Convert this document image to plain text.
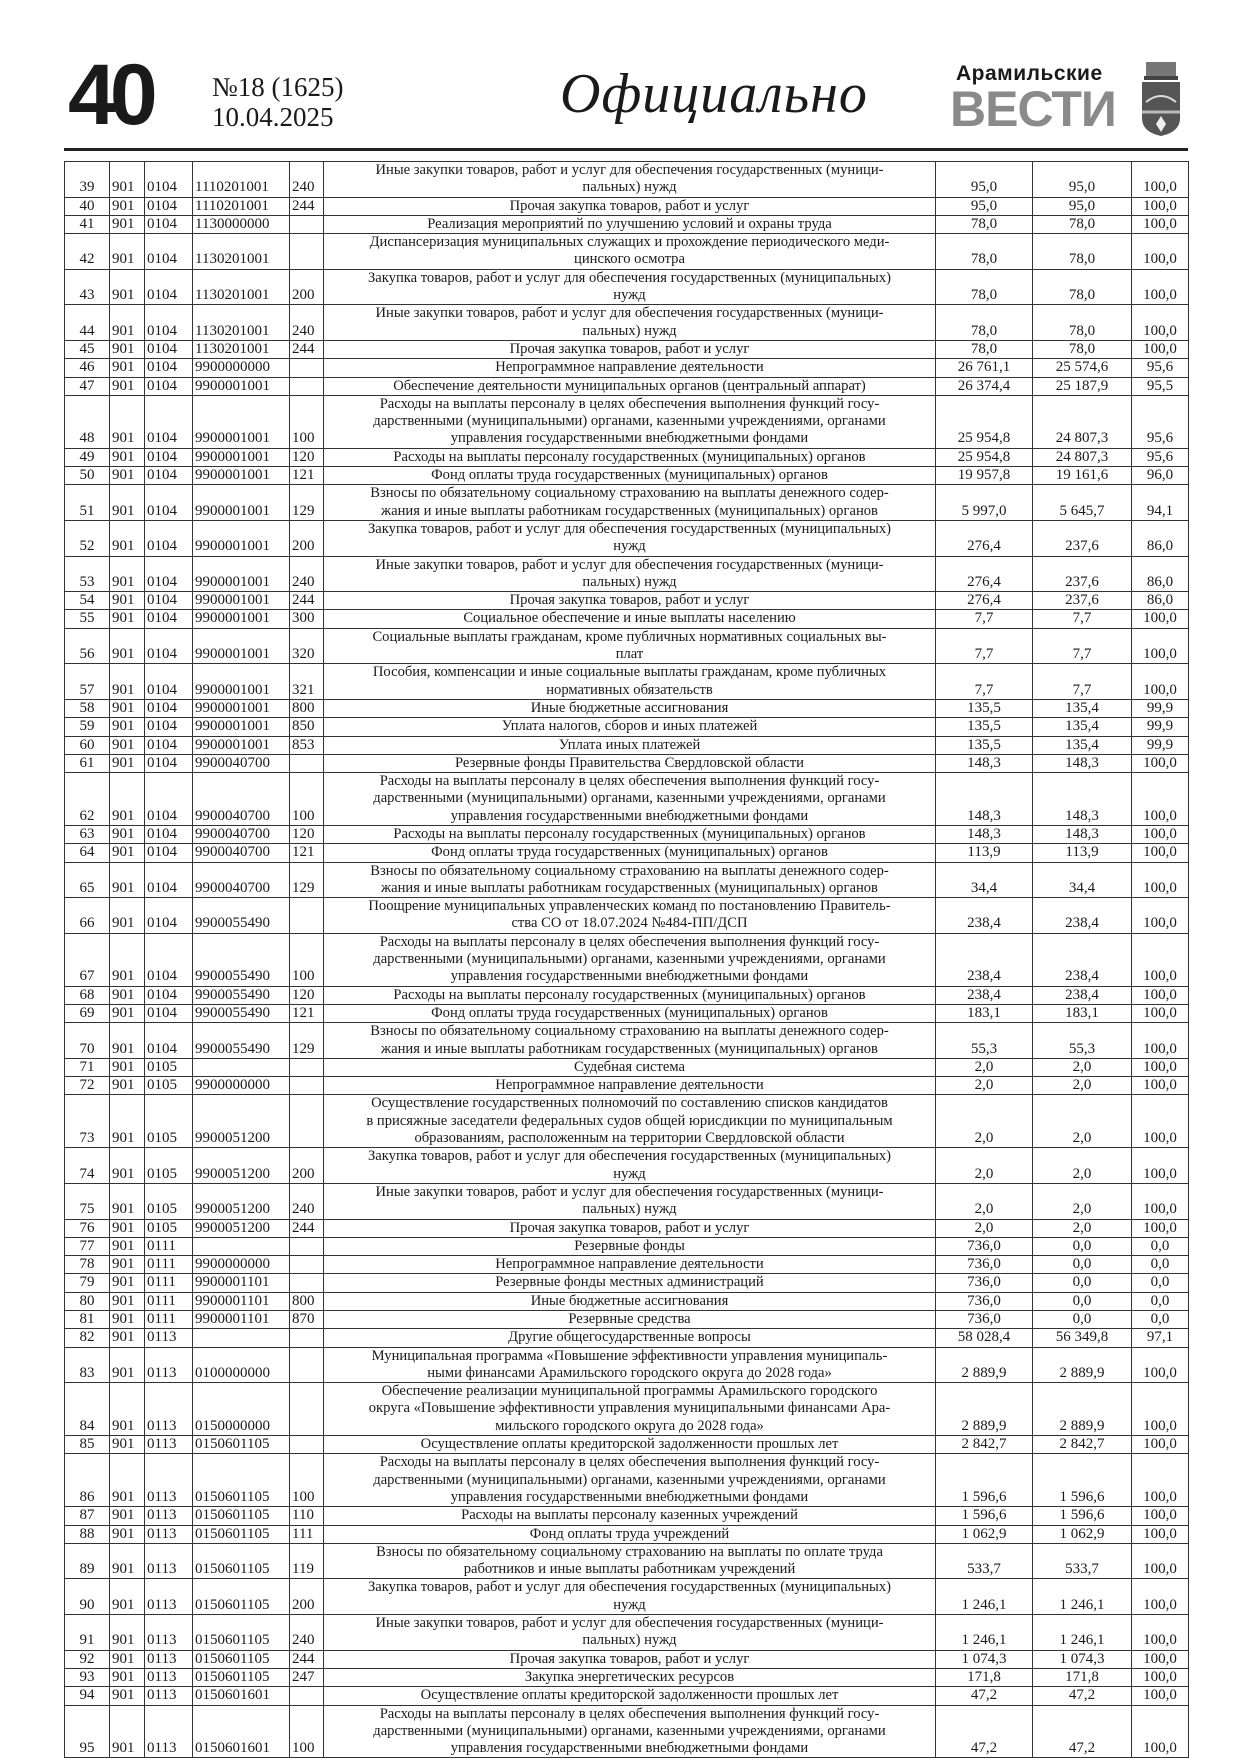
40 №18 (1625)
10.04.2025	Официально	Арамильские
ВЕСТИ
39	901	0104	1110201001	240	Иные закупки товаров, работ и услуг для обеспечения государственных (муници-
пальных) нужд	95,0	95,0	100,0
40	901	0104	1110201001	244	Прочая закупка товаров, работ и услуг	95,0	95,0	100,0
41	901	0104	1130000000		Реализация мероприятий по улучшению условий и охраны труда	78,0	78,0	100,0
42	901	0104	1130201001		Диспансеризация муниципальных служащих и прохождение периодического меди-
цинского осмотра	78,0	78,0	100,0
43	901	0104	1130201001	200	Закупка товаров, работ и услуг для обеспечения государственных (муниципальных)
нужд	78,0	78,0	100,0
44	901	0104	1130201001	240	Иные закупки товаров, работ и услуг для обеспечения государственных (муници-
пальных) нужд	78,0	78,0	100,0
45	901	0104	1130201001	244	Прочая закупка товаров, работ и услуг	78,0	78,0	100,0
46	901	0104	9900000000		Непрограммное направление деятельности	26 761,1	25 574,6	95,6
47	901	0104	9900001001		Обеспечение деятельности муниципальных органов (центральный аппарат)	26 374,4	25 187,9	95,5
48	901	0104	9900001001	100	Расходы на выплаты персоналу в целях обеспечения выполнения функций госу-
дарственными (муниципальными) органами, казенными учреждениями, органами
управления государственными внебюджетными фондами	25 954,8	24 807,3	95,6
49	901	0104	9900001001	120	Расходы на выплаты персоналу государственных (муниципальных) органов	25 954,8	24 807,3	95,6
50	901	0104	9900001001	121	Фонд оплаты труда государственных (муниципальных) органов	19 957,8	19 161,6	96,0
51	901	0104	9900001001	129	Взносы по обязательному социальному страхованию на выплаты денежного содер-
жания и иные выплаты работникам государственных (муниципальных) органов	5 997,0	5 645,7	94,1
52	901	0104	9900001001	200	Закупка товаров, работ и услуг для обеспечения государственных (муниципальных)
нужд	276,4	237,6	86,0
53	901	0104	9900001001	240	Иные закупки товаров, работ и услуг для обеспечения государственных (муници-
пальных) нужд	276,4	237,6	86,0
54	901	0104	9900001001	244	Прочая закупка товаров, работ и услуг	276,4	237,6	86,0
55	901	0104	9900001001	300	Социальное обеспечение и иные выплаты населению	7,7	7,7	100,0
56	901	0104	9900001001	320	Социальные выплаты гражданам, кроме публичных нормативных социальных вы-
плат	7,7	7,7	100,0
57	901	0104	9900001001	321	Пособия, компенсации и иные социальные выплаты гражданам, кроме публичных
нормативных обязательств	7,7	7,7	100,0
58	901	0104	9900001001	800	Иные бюджетные ассигнования	135,5	135,4	99,9
59	901	0104	9900001001	850	Уплата налогов, сборов и иных платежей	135,5	135,4	99,9
60	901	0104	9900001001	853	Уплата иных платежей	135,5	135,4	99,9
61	901	0104	9900040700		Резервные фонды Правительства Свердловской области	148,3	148,3	100,0
62	901	0104	9900040700	100	Расходы на выплаты персоналу в целях обеспечения выполнения функций госу-
дарственными (муниципальными) органами, казенными учреждениями, органами
управления государственными внебюджетными фондами	148,3	148,3	100,0
63	901	0104	9900040700	120	Расходы на выплаты персоналу государственных (муниципальных) органов	148,3	148,3	100,0
64	901	0104	9900040700	121	Фонд оплаты труда государственных (муниципальных) органов	113,9	113,9	100,0
65	901	0104	9900040700	129	Взносы по обязательному социальному страхованию на выплаты денежного содер-
жания и иные выплаты работникам государственных (муниципальных) органов	34,4	34,4	100,0
66	901	0104	9900055490		Поощрение муниципальных управленческих команд по постановлению Правитель-
ства СО от 18.07.2024 №484-ПП/ДСП	238,4	238,4	100,0
67	901	0104	9900055490	100	Расходы на выплаты персоналу в целях обеспечения выполнения функций госу-
дарственными (муниципальными) органами, казенными учреждениями, органами
управления государственными внебюджетными фондами	238,4	238,4	100,0
68	901	0104	9900055490	120	Расходы на выплаты персоналу государственных (муниципальных) органов	238,4	238,4	100,0
69	901	0104	9900055490	121	Фонд оплаты труда государственных (муниципальных) органов	183,1	183,1	100,0
70	901	0104	9900055490	129	Взносы по обязательному социальному страхованию на выплаты денежного содер-
жания и иные выплаты работникам государственных (муниципальных) органов	55,3	55,3	100,0
71	901	0105			Судебная система	2,0	2,0	100,0
72	901	0105	9900000000		Непрограммное направление деятельности	2,0	2,0	100,0
73	901	0105	9900051200		Осуществление государственных полномочий по составлению списков кандидатов
в присяжные заседатели федеральных судов общей юрисдикции по муниципальным
образованиям, расположенным на территории Свердловской области	2,0	2,0	100,0
74	901	0105	9900051200	200	Закупка товаров, работ и услуг для обеспечения государственных (муниципальных)
нужд	2,0	2,0	100,0
75	901	0105	9900051200	240	Иные закупки товаров, работ и услуг для обеспечения государственных (муници-
пальных) нужд	2,0	2,0	100,0
76	901	0105	9900051200	244	Прочая закупка товаров, работ и услуг	2,0	2,0	100,0
77	901	0111			Резервные фонды	736,0	0,0	0,0
78	901	0111	9900000000		Непрограммное направление деятельности	736,0	0,0	0,0
79	901	0111	9900001101		Резервные фонды местных администраций	736,0	0,0	0,0
80	901	0111	9900001101	800	Иные бюджетные ассигнования	736,0	0,0	0,0
81	901	0111	9900001101	870	Резервные средства	736,0	0,0	0,0
82	901	0113			Другие общегосударственные вопросы	58 028,4	56 349,8	97,1
83	901	0113	0100000000		Муниципальная программа «Повышение эффективности управления муниципаль-
ными финансами Арамильского городского округа до 2028 года»	2 889,9	2 889,9	100,0
84	901	0113	0150000000		Обеспечение реализации муниципальной программы Арамильского городского
округа «Повышение эффективности управления муниципальными финансами Ара-
мильского городского округа до 2028 года»	2 889,9	2 889,9	100,0
85	901	0113	0150601105		Осуществление оплаты кредиторской задолженности прошлых лет	2 842,7	2 842,7	100,0
86	901	0113	0150601105	100	Расходы на выплаты персоналу в целях обеспечения выполнения функций госу-
дарственными (муниципальными) органами, казенными учреждениями, органами
управления государственными внебюджетными фондами	1 596,6	1 596,6	100,0
87	901	0113	0150601105	110	Расходы на выплаты персоналу казенных учреждений	1 596,6	1 596,6	100,0
88	901	0113	0150601105	111	Фонд оплаты труда учреждений	1 062,9	1 062,9	100,0
89	901	0113	0150601105	119	Взносы по обязательному социальному страхованию на выплаты по оплате труда
работников и иные выплаты работникам учреждений	533,7	533,7	100,0
90	901	0113	0150601105	200	Закупка товаров, работ и услуг для обеспечения государственных (муниципальных)
нужд	1 246,1	1 246,1	100,0
91	901	0113	0150601105	240	Иные закупки товаров, работ и услуг для обеспечения государственных (муници-
пальных) нужд	1 246,1	1 246,1	100,0
92	901	0113	0150601105	244	Прочая закупка товаров, работ и услуг	1 074,3	1 074,3	100,0
93	901	0113	0150601105	247	Закупка энергетических ресурсов	171,8	171,8	100,0
94	901	0113	0150601601		Осуществление оплаты кредиторской задолженности прошлых лет	47,2	47,2	100,0
95	901	0113	0150601601	100	Расходы на выплаты персоналу в целях обеспечения выполнения функций госу-
дарственными (муниципальными) органами, казенными учреждениями, органами
управления государственными внебюджетными фондами	47,2	47,2	100,0
